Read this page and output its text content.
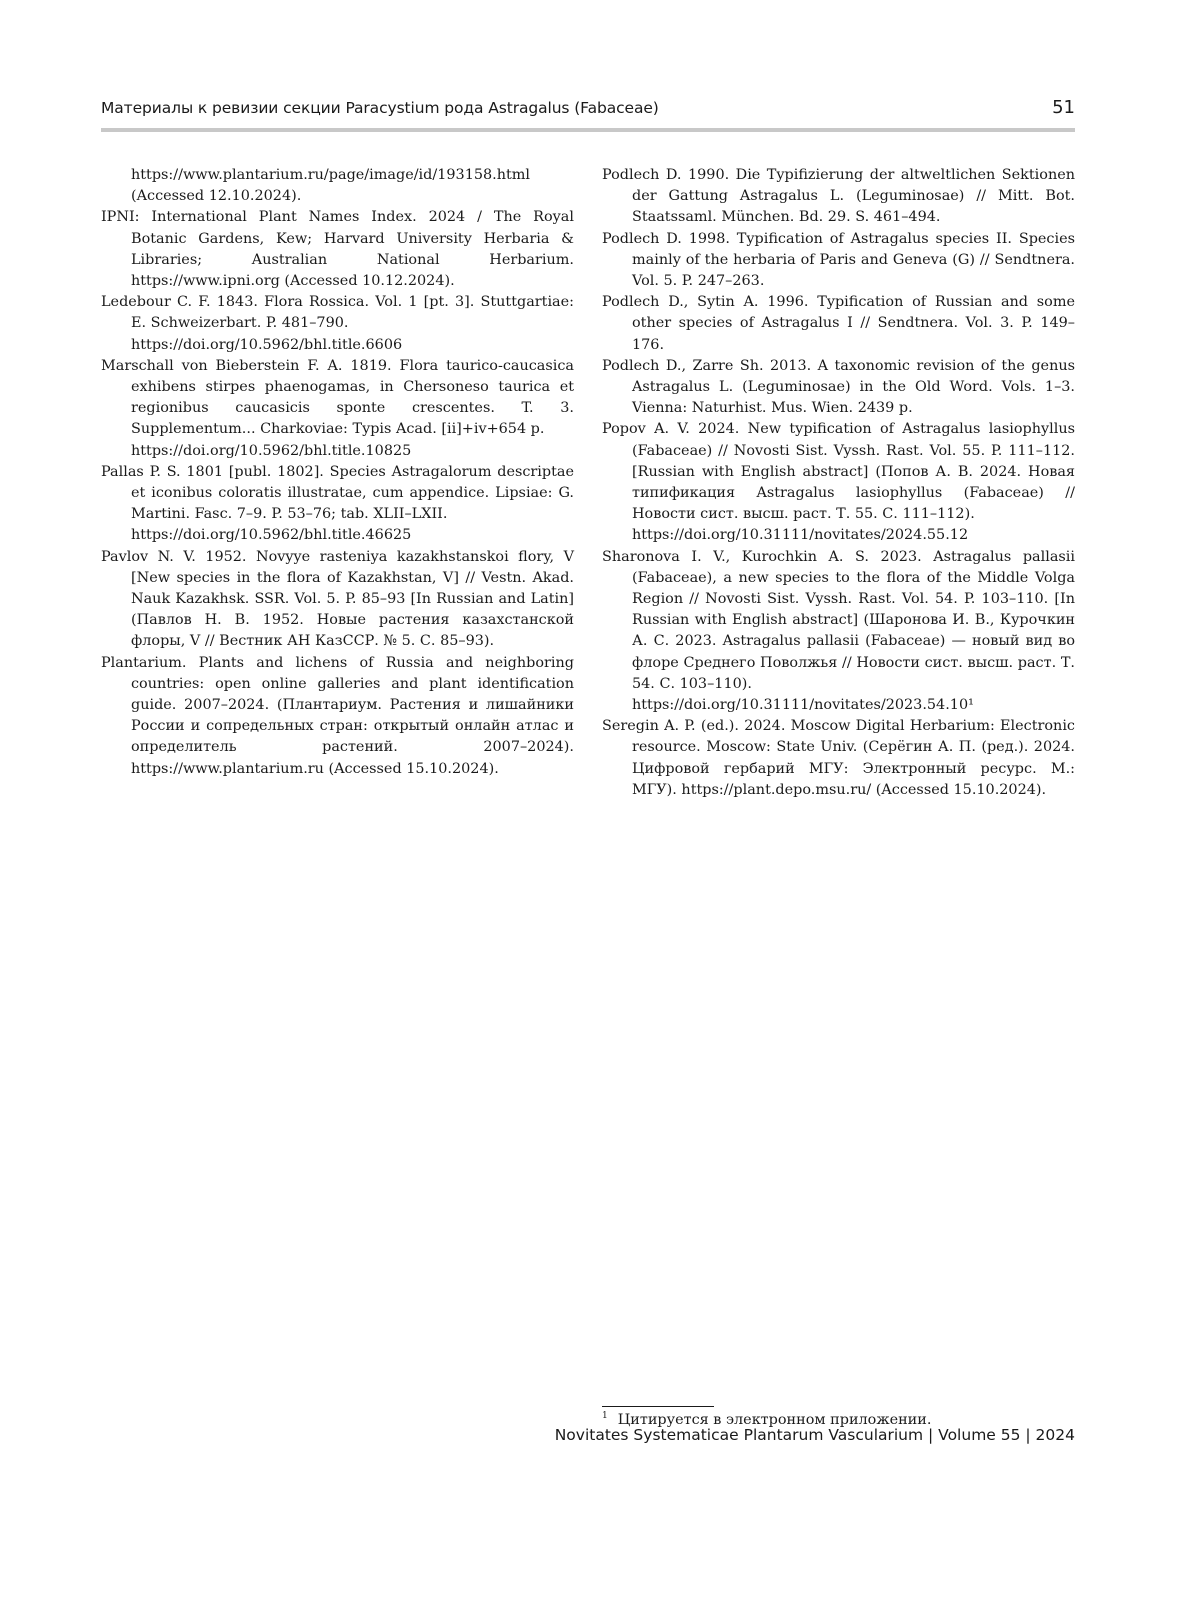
Материалы к ревизии секции Paracystium рода Astragalus (Fabaceae)	51

https://www.plantarium.ru/page/image/id/193158.html
(Accessed 12.10.2024).

IPNI: International Plant Names Index. 2024 / The Royal Botanic Gardens, Kew; Harvard University Herbaria & Libraries; Australian National Herbarium. https://www.ipni.org (Accessed 10.12.2024).

Ledebour C. F. 1843. Flora Rossica. Vol. 1 [pt. 3]. Stuttgartiae: E. Schweizerbart. P. 481–790.
https://doi.org/10.5962/bhl.title.6606

Marschall von Bieberstein F. A. 1819. Flora taurico-caucasica exhibens stirpes phaenogamas, in Chersoneso taurica et regionibus caucasicis sponte crescentes. T. 3. Supplementum... Charkoviae: Typis Acad. [ii]+iv+654 p.
https://doi.org/10.5962/bhl.title.10825

Pallas P. S. 1801 [publ. 1802]. Species Astragalorum descriptae et iconibus coloratis illustratae, cum appendice. Lipsiae: G. Martini. Fasc. 7–9. P. 53–76; tab. XLII–LXII.
https://doi.org/10.5962/bhl.title.46625

Pavlov N. V. 1952. Novyye rasteniya kazakhstanskoi flory, V [New species in the flora of Kazakhstan, V] // Vestn. Akad. Nauk Kazakhsk. SSR. Vol. 5. P. 85–93 [In Russian and Latin] (Павлов Н. В. 1952. Новые растения казахстанской флоры, V // Вестник АН КазССР. № 5. С. 85–93).

Plantarium. Plants and lichens of Russia and neighboring countries: open online galleries and plant identification guide. 2007–2024. (Плантариум. Растения и лишайники России и сопредельных стран: открытый онлайн атлас и определитель растений. 2007–2024). https://www.plantarium.ru (Accessed 15.10.2024).

Podlech D. 1990. Die Typifizierung der altweltlichen Sektionen der Gattung Astragalus L. (Leguminosae) // Mitt. Bot. Staatssaml. München. Bd. 29. S. 461–494.

Podlech D. 1998. Typification of Astragalus species II. Species mainly of the herbaria of Paris and Geneva (G) // Sendtnera. Vol. 5. P. 247–263.

Podlech D., Sytin A. 1996. Typification of Russian and some other species of Astragalus I // Sendtnera. Vol. 3. P. 149–176.

Podlech D., Zarre Sh. 2013. A taxonomic revision of the genus Astragalus L. (Leguminosae) in the Old Word. Vols. 1–3. Vienna: Naturhist. Mus. Wien. 2439 p.

Popov A. V. 2024. New typification of Astragalus lasiophyllus (Fabaceae) // Novosti Sist. Vyssh. Rast. Vol. 55. P. 111–112. [Russian with English abstract] (Попов А. В. 2024. Новая типификация Astragalus lasiophyllus (Fabaceae) // Новости сист. высш. раст. Т. 55. С. 111–112).
https://doi.org/10.31111/novitates/2024.55.12

Sharonova I. V., Kurochkin A. S. 2023. Astragalus pallasii (Fabaceae), a new species to the flora of the Middle Volga Region // Novosti Sist. Vyssh. Rast. Vol. 54. P. 103–110. [In Russian with English abstract] (Шаронова И. В., Курочкин А. С. 2023. Astragalus pallasii (Fabaceae) — новый вид во флоре Среднего Поволжья // Новости сист. высш. раст. Т. 54. С. 103–110).
https://doi.org/10.31111/novitates/2023.54.10¹

Seregin A. P. (ed.). 2024. Moscow Digital Herbarium: Electronic resource. Moscow: State Univ. (Серёгин А. П. (ред.). 2024. Цифровой гербарий МГУ: Электронный ресурс. М.: МГУ). https://plant.depo.msu.ru/ (Accessed 15.10.2024).

$^1$ Цитируется в электронном приложении.
Novitates Systematicae Plantarum Vascularium | Volume 55 | 2024
